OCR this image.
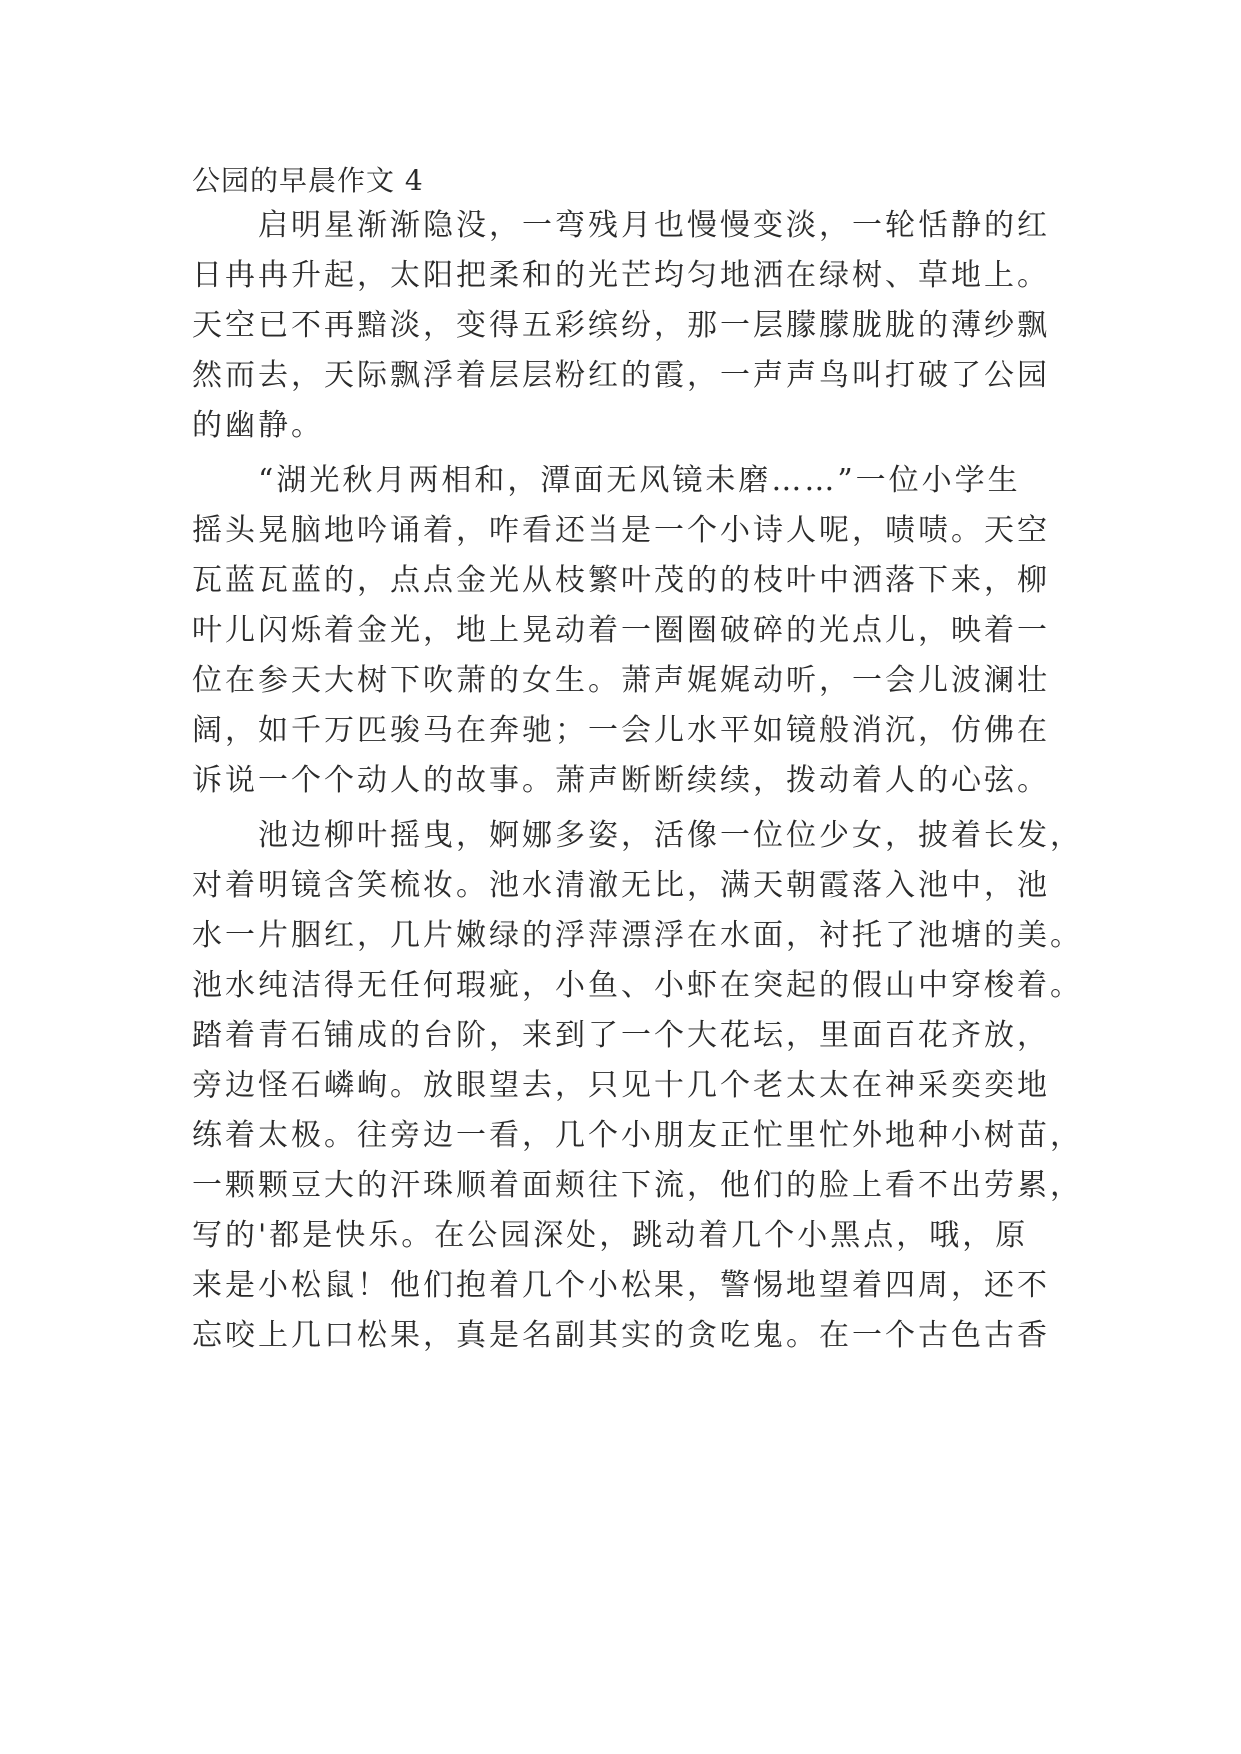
公园的早晨作文 4
启明星渐渐隐没，一弯残月也慢慢变淡，一轮恬静的红
日冉冉升起，太阳把柔和的光芒均匀地洒在绿树、草地上。
天空已不再黯淡，变得五彩缤纷，那一层朦朦胧胧的薄纱飘
然而去，天际飘浮着层层粉红的霞，一声声鸟叫打破了公园
的幽静。
“湖光秋月两相和，潭面无风镜未磨……”一位小学生
摇头晃脑地吟诵着，咋看还当是一个小诗人呢，啧啧。天空
瓦蓝瓦蓝的，点点金光从枝繁叶茂的的枝叶中洒落下来，柳
叶儿闪烁着金光，地上晃动着一圈圈破碎的光点儿，映着一
位在参天大树下吹萧的女生。萧声娓娓动听，一会儿波澜壮
阔，如千万匹骏马在奔驰；一会儿水平如镜般消沉，仿佛在
诉说一个个动人的故事。萧声断断续续，拨动着人的心弦。
池边柳叶摇曳，婀娜多姿，活像一位位少女，披着长发，
对着明镜含笑梳妆。池水清澈无比，满天朝霞落入池中，池
水一片胭红，几片嫩绿的浮萍漂浮在水面，衬托了池塘的美。
池水纯洁得无任何瑕疵，小鱼、小虾在突起的假山中穿梭着。
踏着青石铺成的台阶，来到了一个大花坛，里面百花齐放，
旁边怪石嶙峋。放眼望去，只见十几个老太太在神采奕奕地
练着太极。往旁边一看，几个小朋友正忙里忙外地种小树苗，
一颗颗豆大的汗珠顺着面颊往下流，他们的脸上看不出劳累，
写的'都是快乐。在公园深处，跳动着几个小黑点，哦，原
来是小松鼠！他们抱着几个小松果，警惕地望着四周，还不
忘咬上几口松果，真是名副其实的贪吃鬼。在一个古色古香
